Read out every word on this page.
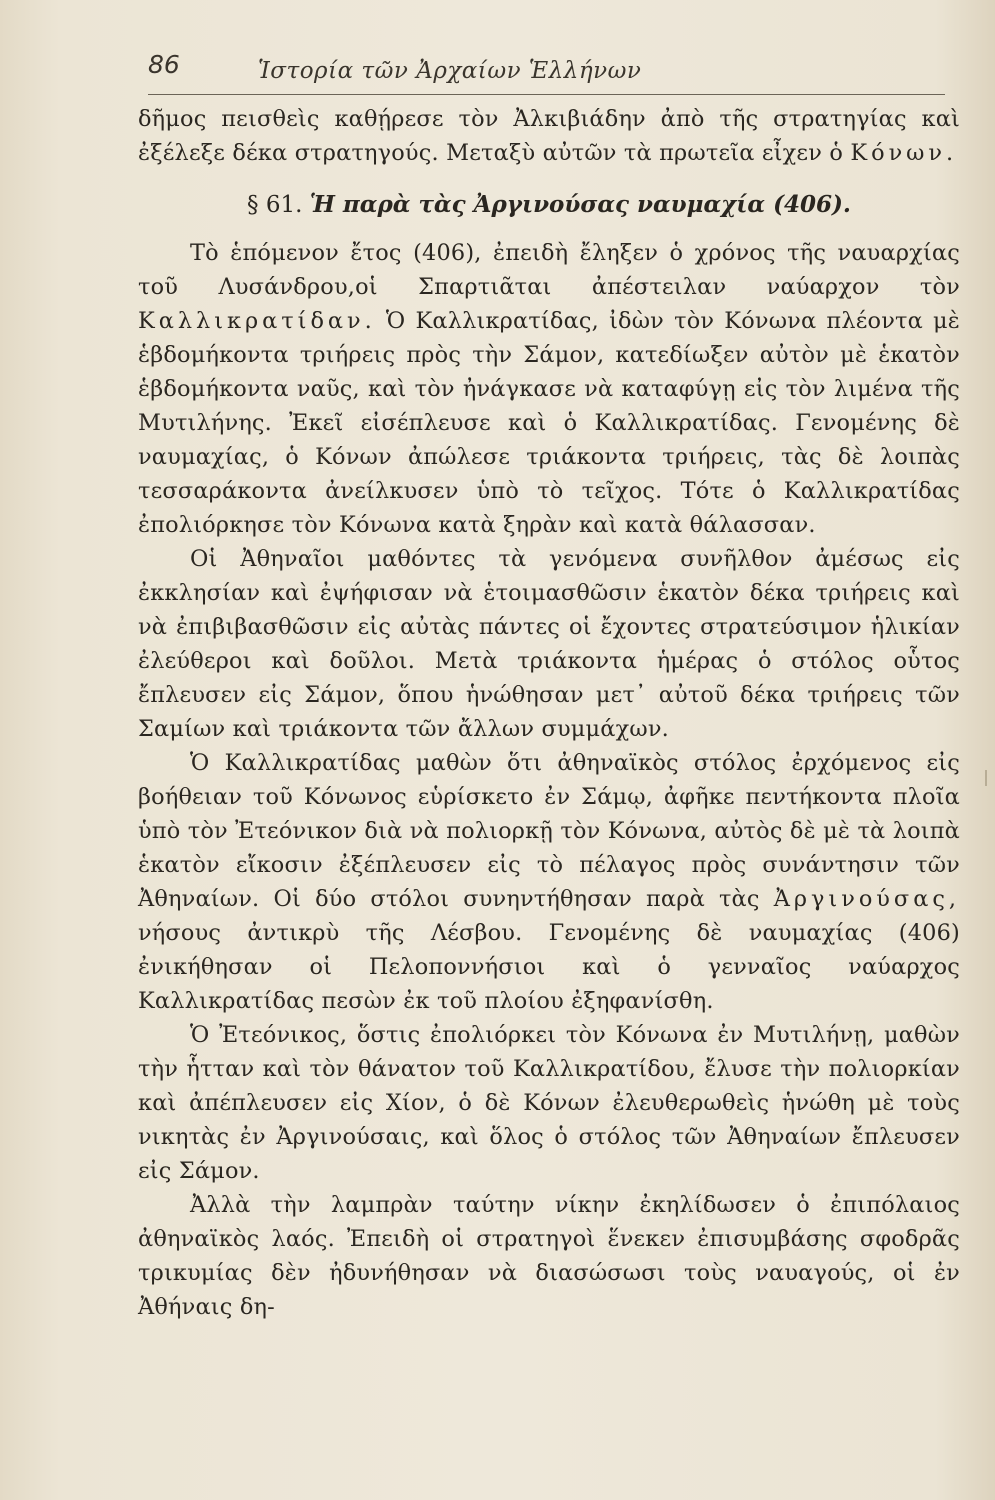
86	Ἱστορία τῶν Ἀρχαίων Ἑλλήνων

δῆμος πεισθεὶς καθῄρεσε τὸν Ἀλκιβιάδην ἀπὸ τῆς στρατηγίας καὶ ἐξέλεξε δέκα στρατηγούς. Μεταξὺ αὐτῶν τὰ πρωτεῖα εἶχεν ὁ Κόνων.

§ 61. Ἡ παρὰ τὰς Ἀργινούσας ναυμαχία (406).

Τὸ ἑπόμενον ἔτος (406), ἐπειδὴ ἔληξεν ὁ χρόνος τῆς ναυαρχίας τοῦ Λυσάνδρου,οἱ Σπαρτιᾶται ἀπέστειλαν ναύαρχον τὸν Καλλικρατίδαν. Ὁ Καλλικρατίδας, ἰδὼν τὸν Κόνωνα πλέοντα μὲ ἑβδομήκοντα τριήρεις πρὸς τὴν Σάμον, κατεδίωξεν αὐτὸν μὲ ἑκατὸν ἑβδομήκοντα ναῦς, καὶ τὸν ἠνάγκασε νὰ καταφύγῃ εἰς τὸν λιμένα τῆς Μυτιλήνης. Ἐκεῖ εἰσέπλευσε καὶ ὁ Καλλικρατίδας. Γενομένης δὲ ναυμαχίας, ὁ Κόνων ἀπώλεσε τριάκοντα τριήρεις, τὰς δὲ λοιπὰς τεσσαράκοντα ἀνείλκυσεν ὑπὸ τὸ τεῖχος. Τότε ὁ Καλλικρατίδας ἐπολιόρκησε τὸν Κόνωνα κατὰ ξηρὰν καὶ κατὰ θάλασσαν.

Οἱ Ἀθηναῖοι μαθόντες τὰ γενόμενα συνῆλθον ἀμέσως εἰς ἐκκλησίαν καὶ ἐψήφισαν νὰ ἑτοιμασθῶσιν ἑκατὸν δέκα τριήρεις καὶ νὰ ἐπιβιβασθῶσιν εἰς αὐτὰς πάντες οἱ ἔχοντες στρατεύσιμον ἡλικίαν ἐλεύθεροι καὶ δοῦλοι. Μετὰ τριάκοντα ἡμέρας ὁ στόλος οὗτος ἔπλευσεν εἰς Σάμον, ὅπου ἡνώθησαν μετ᾽ αὐτοῦ δέκα τριήρεις τῶν Σαμίων καὶ τριάκοντα τῶν ἄλλων συμμάχων.

Ὁ Καλλικρατίδας μαθὼν ὅτι ἀθηναϊκὸς στόλος ἐρχόμενος εἰς βοήθειαν τοῦ Κόνωνος εὑρίσκετο ἐν Σάμῳ, ἀφῆκε πεντήκοντα πλοῖα ὑπὸ τὸν Ἐτεόνικον διὰ νὰ πολιορκῇ τὸν Κόνωνα, αὐτὸς δὲ μὲ τὰ λοιπὰ ἑκατὸν εἴκοσιν ἐξέπλευσεν εἰς τὸ πέλαγος πρὸς συνάντησιν τῶν Ἀθηναίων. Οἱ δύο στόλοι συνηντήθησαν παρὰ τὰς Ἀργινούσας, νήσους ἀντικρὺ τῆς Λέσβου. Γενομένης δὲ ναυμαχίας (406) ἐνικήθησαν οἱ Πελοποννήσιοι καὶ ὁ γενναῖος ναύαρχος Καλλικρατίδας πεσὼν ἐκ τοῦ πλοίου ἐξηφανίσθη.

Ὁ Ἐτεόνικος, ὅστις ἐπολιόρκει τὸν Κόνωνα ἐν Μυτιλήνῃ, μαθὼν τὴν ἧτταν καὶ τὸν θάνατον τοῦ Καλλικρατίδου, ἔλυσε τὴν πολιορκίαν καὶ ἀπέπλευσεν εἰς Χίον, ὁ δὲ Κόνων ἐλευθερωθεὶς ἡνώθη μὲ τοὺς νικητὰς ἐν Ἀργινούσαις, καὶ ὅλος ὁ στόλος τῶν Ἀθηναίων ἔπλευσεν εἰς Σάμον.

Ἀλλὰ τὴν λαμπρὰν ταύτην νίκην ἐκηλίδωσεν ὁ ἐπιπόλαιος ἀθηναϊκὸς λαός. Ἐπειδὴ οἱ στρατηγοὶ ἕνεκεν ἐπισυμβάσης σφοδρᾶς τρικυμίας δὲν ἠδυνήθησαν νὰ διασώσωσι τοὺς ναυαγούς, οἱ ἐν Ἀθήναις δη-
